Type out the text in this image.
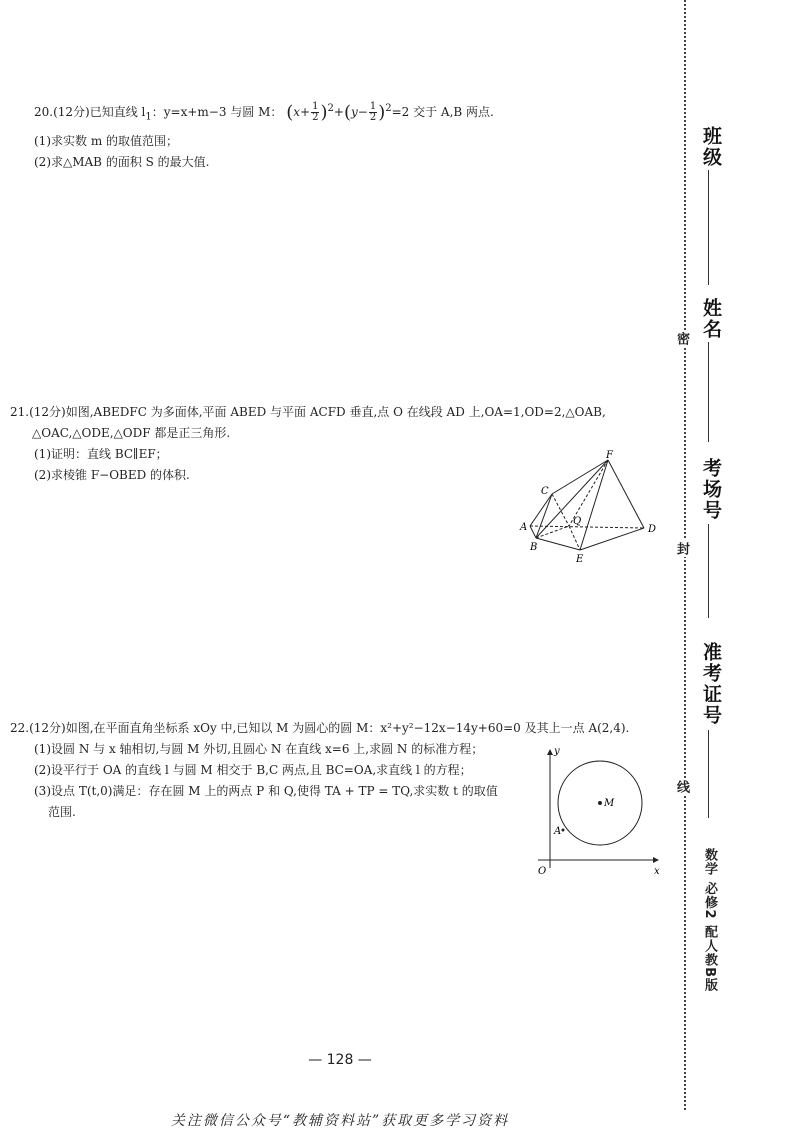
20.(12分)已知直线 $l_1$：y=x+m−3 与圆 M： $(x+ \frac{1}{2} )^2+(y- \frac{1}{2} )^2=2$ 交于 A,B 两点.
(1)求实数 m 的取值范围；
(2)求△MAB 的面积 S 的最大值.
21.(12分)如图,ABEDFC 为多面体,平面 ABED 与平面 ACFD 垂直,点 O 在线段 AD 上,OA=1,OD=2,△OAB,
△OAC,△ODE,△ODF 都是正三角形.
(1)证明：直线 BC∥EF；
(2)求棱锥 F−OBED 的体积.
F
C
A
Q
D
B
E
22.(12分)如图,在平面直角坐标系 xOy 中,已知以 M 为圆心的圆 M：x²+y²−12x−14y+60=0 及其上一点 A(2,4).
(1)设圆 N 与 x 轴相切,与圆 M 外切,且圆心 N 在直线 x=6 上,求圆 N 的标准方程；
(2)设平行于 OA 的直线 l 与圆 M 相交于 B,C 两点,且 BC=OA,求直线 l 的方程；
(3)设点 T(t,0)满足：存在圆 M 上的两点 P 和 Q,使得 TA + TP = TQ,求实数 t 的取值
范围.
y
x
O
A
M
班级
姓名
考场号
准考证号
密
封
线
数学 必修2 配人教B版
— 128 —
关注微信公众号“教辅资料站”获取更多学习资料
